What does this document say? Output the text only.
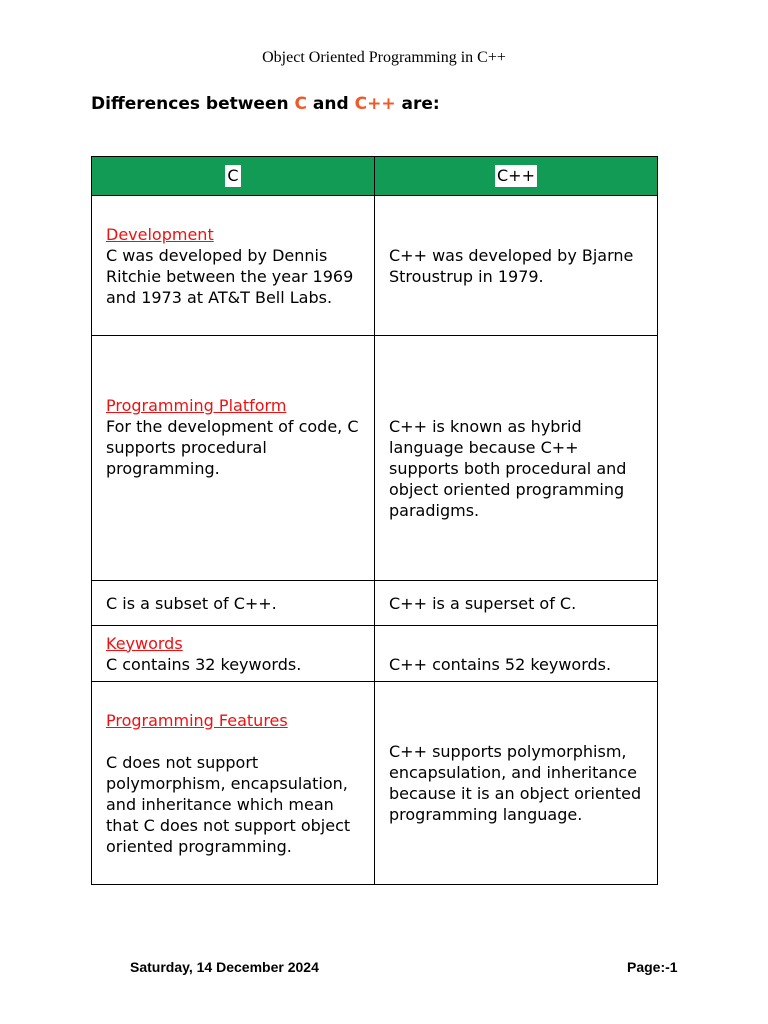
Object Oriented Programming in C++
Differences between C and C++ are:
C	C++

Development
C was developed by Dennis Ritchie between the year 1969 and 1973 at AT&T Bell Labs.	C++ was developed by Bjarne Stroustrup in 1979.

Programming Platform
For the development of code, C supports procedural programming.	C++ is known as hybrid language because C++ supports both procedural and object oriented programming paradigms.

C is a subset of C++.	C++ is a superset of C.

Keywords
C contains 32 keywords.	C++ contains 52 keywords.

Programming Features
C does not support polymorphism, encapsulation, and inheritance which mean that C does not support object oriented programming.	C++ supports polymorphism, encapsulation, and inheritance because it is an object oriented programming language.
Saturday, 14 December 2024	Page:-1
